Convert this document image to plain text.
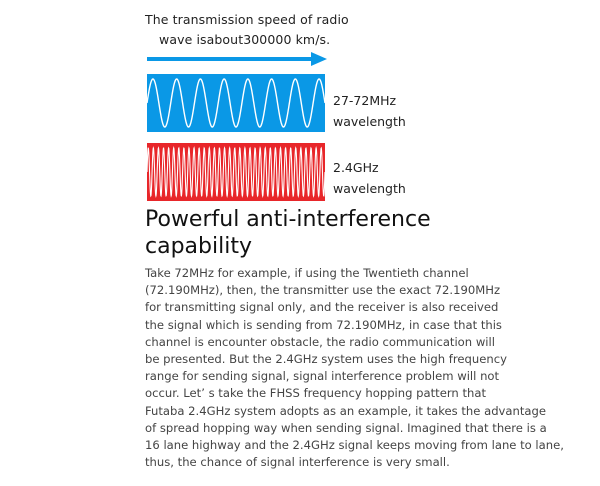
The transmission speed of radio
wave isabout300000 km/s.
27-72MHz
wavelength
2.4GHz
wavelength
Powerful anti-interference
capability
Take 72MHz for example, if using the Twentieth channel
(72.190MHz), then, the transmitter use the exact 72.190MHz
for transmitting signal only, and the receiver is also received
the signal which is sending from 72.190MHz, in case that this
channel is encounter obstacle, the radio communication will
be presented. But the 2.4GHz system uses the high frequency
range for sending signal, signal interference problem will not
occur. Let’ s take the FHSS frequency hopping pattern that
Futaba 2.4GHz system adopts as an example, it takes the advantage
of spread hopping way when sending signal. Imagined that there is a
16 lane highway and the 2.4GHz signal keeps moving from lane to lane,
thus, the chance of signal interference is very small.
